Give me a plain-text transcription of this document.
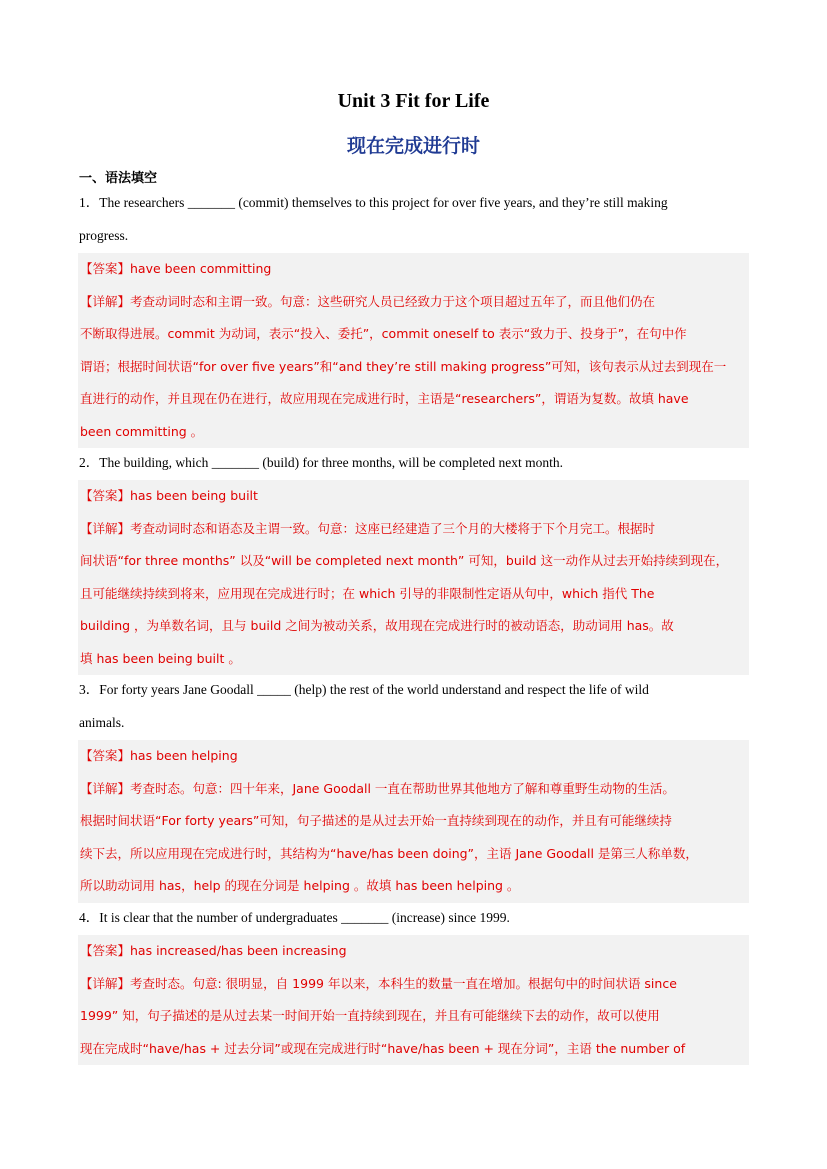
Unit 3 Fit for Life
现在完成进行时
一、语法填空
1．The researchers _______ (commit) themselves to this project for over five years, and they’re still making
progress.
【答案】have been committing
【详解】考查动词时态和主谓一致。句意：这些研究人员已经致力于这个项目超过五年了，而且他们仍在
不断取得进展。commit 为动词，表示“投入、委托”，commit oneself to 表示“致力于、投身于”，在句中作
谓语；根据时间状语“for over five years”和“and they’re still making progress”可知，该句表示从过去到现在一
直进行的动作，并且现在仍在进行，故应用现在完成进行时，主语是“researchers”，谓语为复数。故填 have
been committing 。
2．The building, which _______ (build) for three months, will be completed next month.
【答案】has been being built
【详解】考查动词时态和语态及主谓一致。句意：这座已经建造了三个月的大楼将于下个月完工。根据时
间状语“for three months” 以及“will be completed next month” 可知，build 这一动作从过去开始持续到现在，
且可能继续持续到将来，应用现在完成进行时；在 which 引导的非限制性定语从句中，which 指代 The
building ，为单数名词，且与 build 之间为被动关系，故用现在完成进行时的被动语态，助动词用 has。故
填 has been being built 。
3．For forty years Jane Goodall _____ (help) the rest of the world understand and respect the life of wild
animals.
【答案】has been helping
【详解】考查时态。句意：四十年来，Jane Goodall 一直在帮助世界其他地方了解和尊重野生动物的生活。
根据时间状语“For forty years”可知，句子描述的是从过去开始一直持续到现在的动作，并且有可能继续持
续下去，所以应用现在完成进行时，其结构为“have/has been doing”，主语 Jane Goodall 是第三人称单数，
所以助动词用 has，help 的现在分词是 helping 。故填 has been helping 。
4．It is clear that the number of undergraduates _______ (increase) since 1999.
【答案】has increased/has been increasing
【详解】考查时态。句意: 很明显，自 1999 年以来，本科生的数量一直在增加。根据句中的时间状语 since
1999” 知，句子描述的是从过去某一时间开始一直持续到现在，并且有可能继续下去的动作，故可以使用
现在完成时“have/has + 过去分词”或现在完成进行时“have/has been + 现在分词”，主语 the number of
